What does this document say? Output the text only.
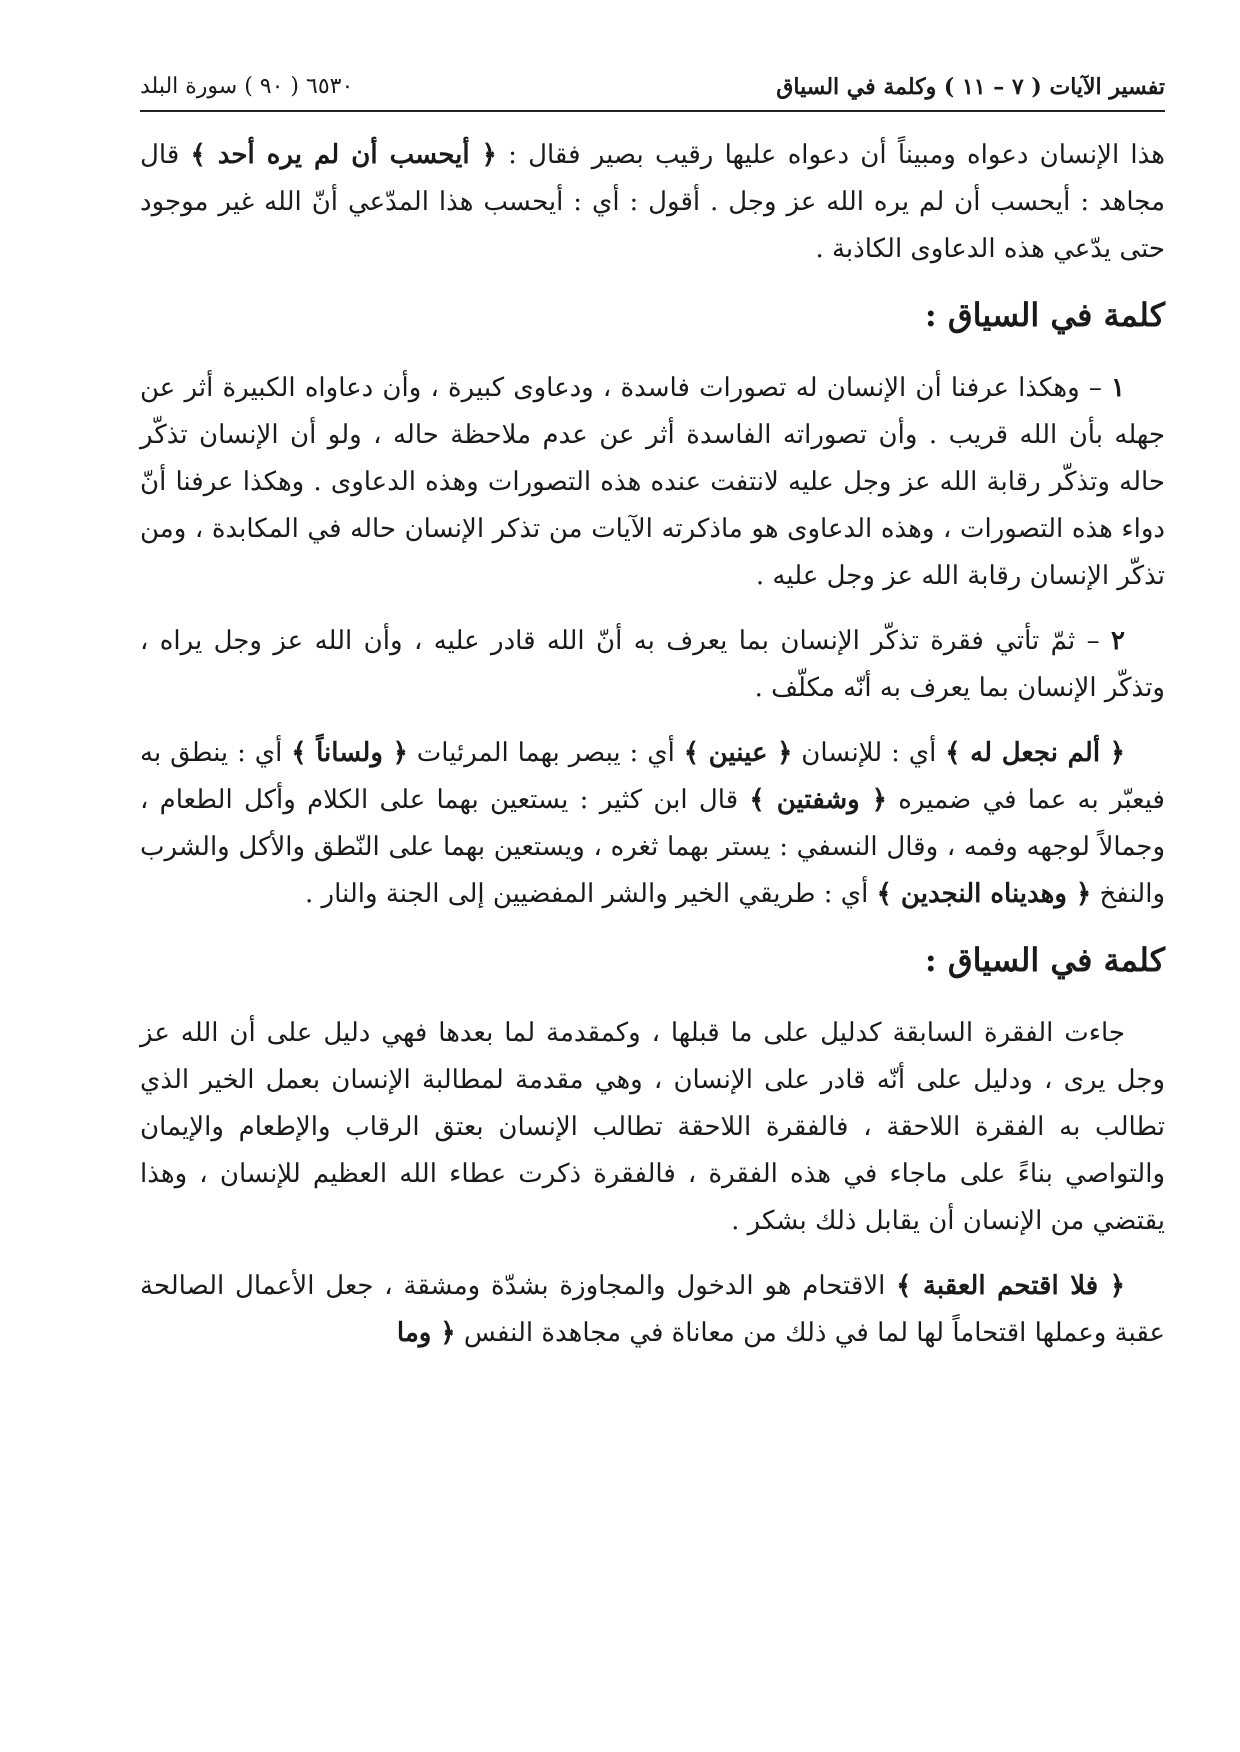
٦٥٣٠ ( ٩٠ ) سورة البلد	تفسير الآيات ( ٧ – ١١ ) وكلمة في السياق

هذا الإنسان دعواه ومبيناً أن دعواه عليها رقيب بصير فقال : ﴿ أيحسب أن لم يره أحد ﴾ قال مجاهد : أيحسب أن لم يره الله عز وجل . أقول : أي : أيحسب هذا المدّعي أنّ الله غير موجود حتى يدّعي هذه الدعاوى الكاذبة .

كلمة في السياق :

١ – وهكذا عرفنا أن الإنسان له تصورات فاسدة ، ودعاوى كبيرة ، وأن دعاواه الكبيرة أثر عن جهله بأن الله قريب . وأن تصوراته الفاسدة أثر عن عدم ملاحظة حاله ، ولو أن الإنسان تذكّر حاله وتذكّر رقابة الله عز وجل عليه لانتفت عنده هذه التصورات وهذه الدعاوى . وهكذا عرفنا أنّ دواء هذه التصورات ، وهذه الدعاوى هو ماذكرته الآيات من تذكر الإنسان حاله في المكابدة ، ومن تذكّر الإنسان رقابة الله عز وجل عليه .

٢ – ثمّ تأتي فقرة تذكّر الإنسان بما يعرف به أنّ الله قادر عليه ، وأن الله عز وجل يراه ، وتذكّر الإنسان بما يعرف به أنّه مكلّف .

﴿ ألم نجعل له ﴾ أي : للإنسان ﴿ عينين ﴾ أي : يبصر بهما المرئيات ﴿ ولساناً ﴾ أي : ينطق به فيعبّر به عما في ضميره ﴿ وشفتين ﴾ قال ابن كثير : يستعين بهما على الكلام وأكل الطعام ، وجمالاً لوجهه وفمه ، وقال النسفي : يستر بهما ثغره ، ويستعين بهما على النّطق والأكل والشرب والنفخ ﴿ وهديناه النجدين ﴾ أي : طريقي الخير والشر المفضيين إلى الجنة والنار .

كلمة في السياق :

جاءت الفقرة السابقة كدليل على ما قبلها ، وكمقدمة لما بعدها فهي دليل على أن الله عز وجل يرى ، ودليل على أنّه قادر على الإنسان ، وهي مقدمة لمطالبة الإنسان بعمل الخير الذي تطالب به الفقرة اللاحقة ، فالفقرة اللاحقة تطالب الإنسان بعتق الرقاب والإطعام والإيمان والتواصي بناءً على ماجاء في هذه الفقرة ، فالفقرة ذكرت عطاء الله العظيم للإنسان ، وهذا يقتضي من الإنسان أن يقابل ذلك بشكر .

﴿ فلا اقتحم العقبة ﴾ الاقتحام هو الدخول والمجاوزة بشدّة ومشقة ، جعل الأعمال الصالحة عقبة وعملها اقتحاماً لها لما في ذلك من معاناة في مجاهدة النفس ﴿ وما
